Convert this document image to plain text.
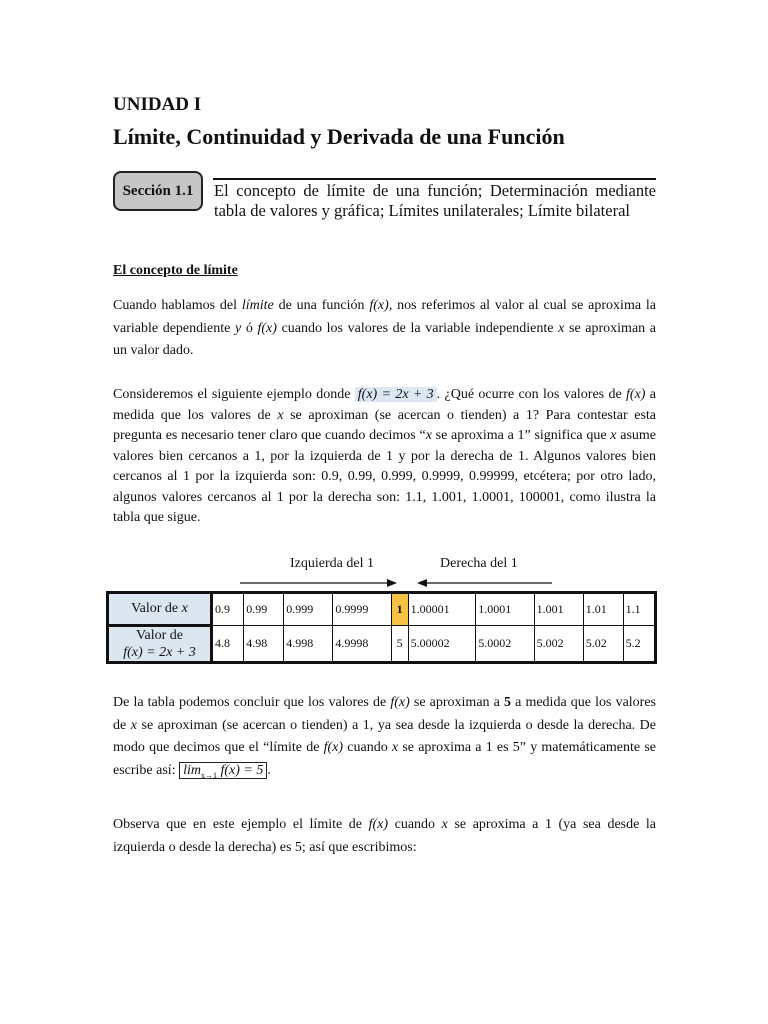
UNIDAD I
Límite, Continuidad y Derivada de una Función
Sección 1.1 El concepto de límite de una función; Determinación mediante tabla de valores y gráfica; Límites unilaterales; Límite bilateral
El concepto de límite
Cuando hablamos del límite de una función f(x), nos referimos al valor al cual se aproxima la variable dependiente y ó f(x) cuando los valores de la variable independiente x se aproximan a un valor dado.
Consideremos el siguiente ejemplo donde f(x) = 2x + 3 . ¿Qué ocurre con los valores de f(x) a medida que los valores de x se aproximan (se acercan o tienden) a 1? Para contestar esta pregunta es necesario tener claro que cuando decimos “x se aproxima a 1” significa que x asume valores bien cercanos a 1, por la izquierda de 1 y por la derecha de 1. Algunos valores bien cercanos al 1 por la izquierda son: 0.9, 0.99, 0.999, 0.9999, 0.99999, etcétera; por otro lado, algunos valores cercanos al 1 por la derecha son: 1.1, 1.001, 1.0001, 100001, como ilustra la tabla que sigue.
Izquierda del 1	Derecha del 1
Valor de x	0.9	0.99	0.999	0.9999	1	1.00001	1.0001	1.001	1.01	1.1
Valor de
f(x) = 2x + 3	4.8	4.98	4.998	4.9998	5	5.00002	5.0002	5.002	5.02	5.2
De la tabla podemos concluir que los valores de f(x) se aproximan a 5 a medida que los valores de x se aproximan (se acercan o tienden) a 1, ya sea desde la izquierda o desde la derecha. De modo que decimos que el “límite de f(x) cuando x se aproxima a 1 es 5” y matemáticamente se escribe así: $\lim_{x\to 1} f(x) = 5$ .
Observa que en este ejemplo el límite de f(x) cuando x se aproxima a 1 (ya sea desde la izquierda o desde la derecha) es 5; así que escribimos:
